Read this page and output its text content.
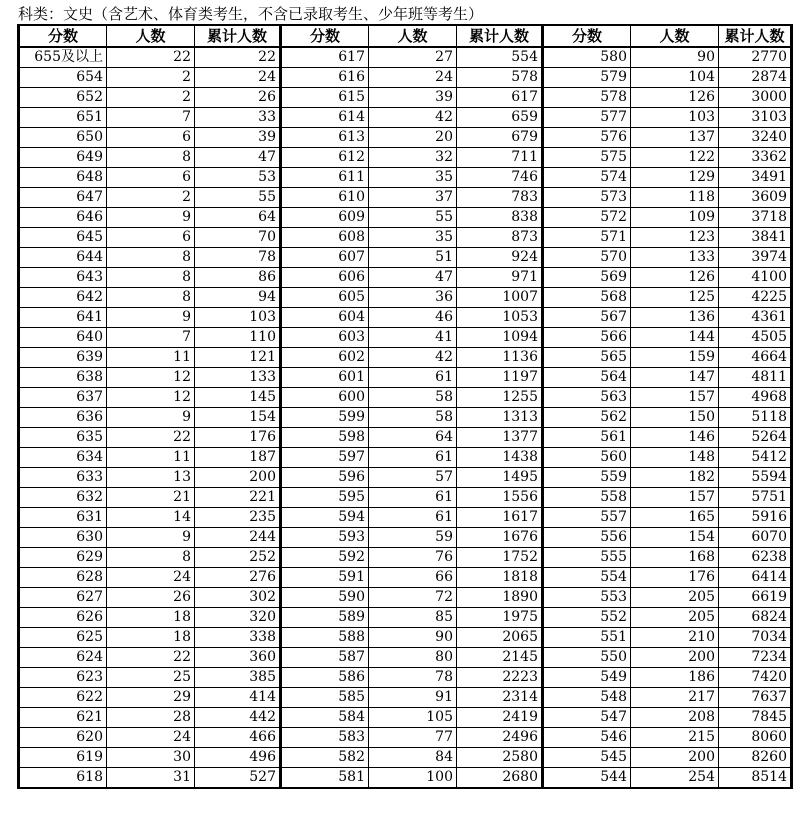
科类：文史（含艺术、体育类考生，不含已录取考生、少年班等考生）
分数	人数	累计人数	分数	人数	累计人数	分数	人数	累计人数
655及以上	22	22	617	27	554	580	90	2770
654	2	24	616	24	578	579	104	2874
652	2	26	615	39	617	578	126	3000
651	7	33	614	42	659	577	103	3103
650	6	39	613	20	679	576	137	3240
649	8	47	612	32	711	575	122	3362
648	6	53	611	35	746	574	129	3491
647	2	55	610	37	783	573	118	3609
646	9	64	609	55	838	572	109	3718
645	6	70	608	35	873	571	123	3841
644	8	78	607	51	924	570	133	3974
643	8	86	606	47	971	569	126	4100
642	8	94	605	36	1007	568	125	4225
641	9	103	604	46	1053	567	136	4361
640	7	110	603	41	1094	566	144	4505
639	11	121	602	42	1136	565	159	4664
638	12	133	601	61	1197	564	147	4811
637	12	145	600	58	1255	563	157	4968
636	9	154	599	58	1313	562	150	5118
635	22	176	598	64	1377	561	146	5264
634	11	187	597	61	1438	560	148	5412
633	13	200	596	57	1495	559	182	5594
632	21	221	595	61	1556	558	157	5751
631	14	235	594	61	1617	557	165	5916
630	9	244	593	59	1676	556	154	6070
629	8	252	592	76	1752	555	168	6238
628	24	276	591	66	1818	554	176	6414
627	26	302	590	72	1890	553	205	6619
626	18	320	589	85	1975	552	205	6824
625	18	338	588	90	2065	551	210	7034
624	22	360	587	80	2145	550	200	7234
623	25	385	586	78	2223	549	186	7420
622	29	414	585	91	2314	548	217	7637
621	28	442	584	105	2419	547	208	7845
620	24	466	583	77	2496	546	215	8060
619	30	496	582	84	2580	545	200	8260
618	31	527	581	100	2680	544	254	8514
